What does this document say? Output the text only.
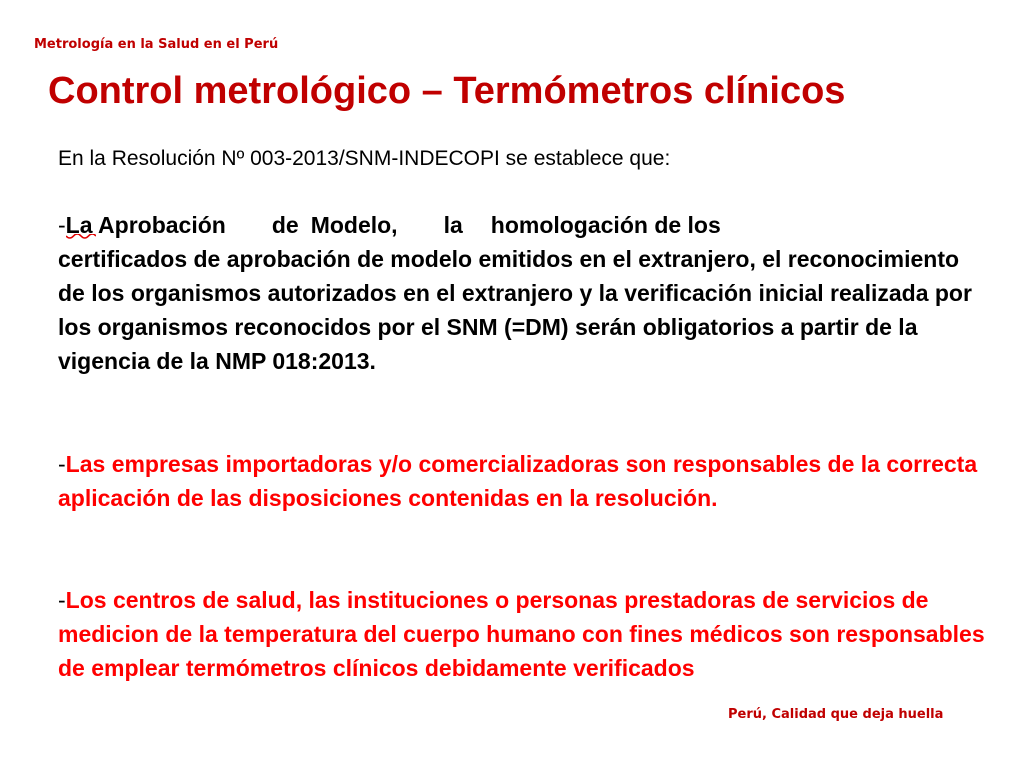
Metrología en la Salud en el Perú
Control metrológico – Termómetros clínicos
En la Resolución Nº 003-2013/SNM-INDECOPI se establece que:
-La Aprobación de Modelo, la homologación de los
certificados de aprobación de modelo emitidos en el extranjero, el reconocimiento de los organismos autorizados en el extranjero y la verificación inicial realizada por los organismos reconocidos por el SNM (=DM) serán obligatorios a partir de la vigencia de la NMP 018:2013.
-Las empresas importadoras y/o comercializadoras son responsables de la correcta aplicación de las disposiciones contenidas en la resolución.
-Los centros de salud, las instituciones o personas prestadoras de servicios de medicion de la temperatura del cuerpo humano con fines médicos son responsables de emplear termómetros clínicos debidamente verificados
Perú, Calidad que deja huella
